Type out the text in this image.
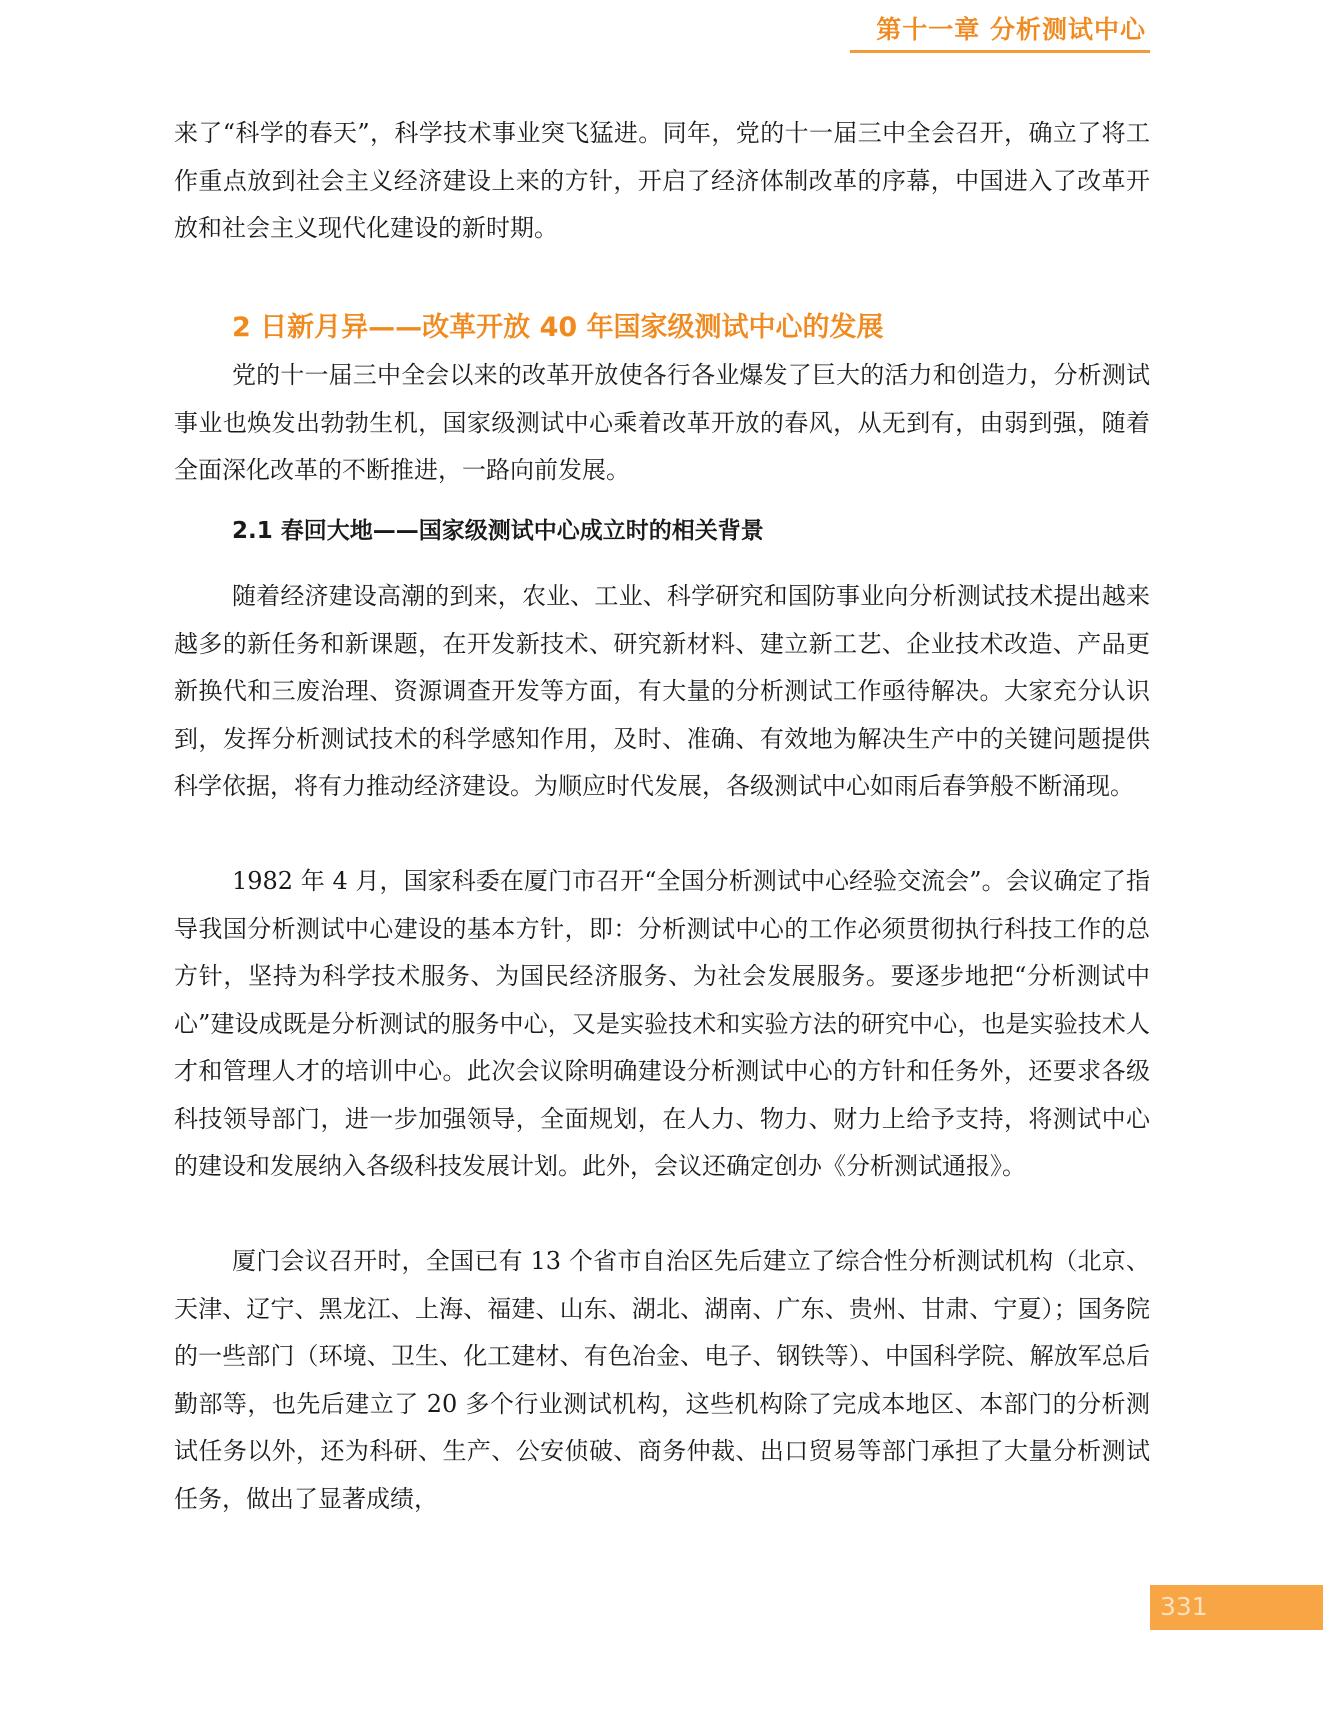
第十一章 分析测试中心

来了“科学的春天”，科学技术事业突飞猛进。同年，党的十一届三中全会召开，确立了将工作重点放到社会主义经济建设上来的方针，开启了经济体制改革的序幕，中国进入了改革开放和社会主义现代化建设的新时期。

2 日新月异——改革开放 40 年国家级测试中心的发展

党的十一届三中全会以来的改革开放使各行各业爆发了巨大的活力和创造力，分析测试事业也焕发出勃勃生机，国家级测试中心乘着改革开放的春风，从无到有，由弱到强，随着全面深化改革的不断推进，一路向前发展。

2.1 春回大地——国家级测试中心成立时的相关背景

随着经济建设高潮的到来，农业、工业、科学研究和国防事业向分析测试技术提出越来越多的新任务和新课题，在开发新技术、研究新材料、建立新工艺、企业技术改造、产品更新换代和三废治理、资源调查开发等方面，有大量的分析测试工作亟待解决。大家充分认识到，发挥分析测试技术的科学感知作用，及时、准确、有效地为解决生产中的关键问题提供科学依据，将有力推动经济建设。为顺应时代发展，各级测试中心如雨后春笋般不断涌现。

1982 年 4 月，国家科委在厦门市召开“全国分析测试中心经验交流会”。会议确定了指导我国分析测试中心建设的基本方针，即：分析测试中心的工作必须贯彻执行科技工作的总方针，坚持为科学技术服务、为国民经济服务、为社会发展服务。要逐步地把“分析测试中心”建设成既是分析测试的服务中心，又是实验技术和实验方法的研究中心，也是实验技术人才和管理人才的培训中心。此次会议除明确建设分析测试中心的方针和任务外，还要求各级科技领导部门，进一步加强领导，全面规划，在人力、物力、财力上给予支持，将测试中心的建设和发展纳入各级科技发展计划。此外，会议还确定创办《分析测试通报》。

厦门会议召开时，全国已有 13 个省市自治区先后建立了综合性分析测试机构（北京、天津、辽宁、黑龙江、上海、福建、山东、湖北、湖南、广东、贵州、甘肃、宁夏）；国务院的一些部门（环境、卫生、化工建材、有色冶金、电子、钢铁等）、中国科学院、解放军总后勤部等，也先后建立了 20 多个行业测试机构，这些机构除了完成本地区、本部门的分析测试任务以外，还为科研、生产、公安侦破、商务仲裁、出口贸易等部门承担了大量分析测试任务，做出了显著成绩，

331
